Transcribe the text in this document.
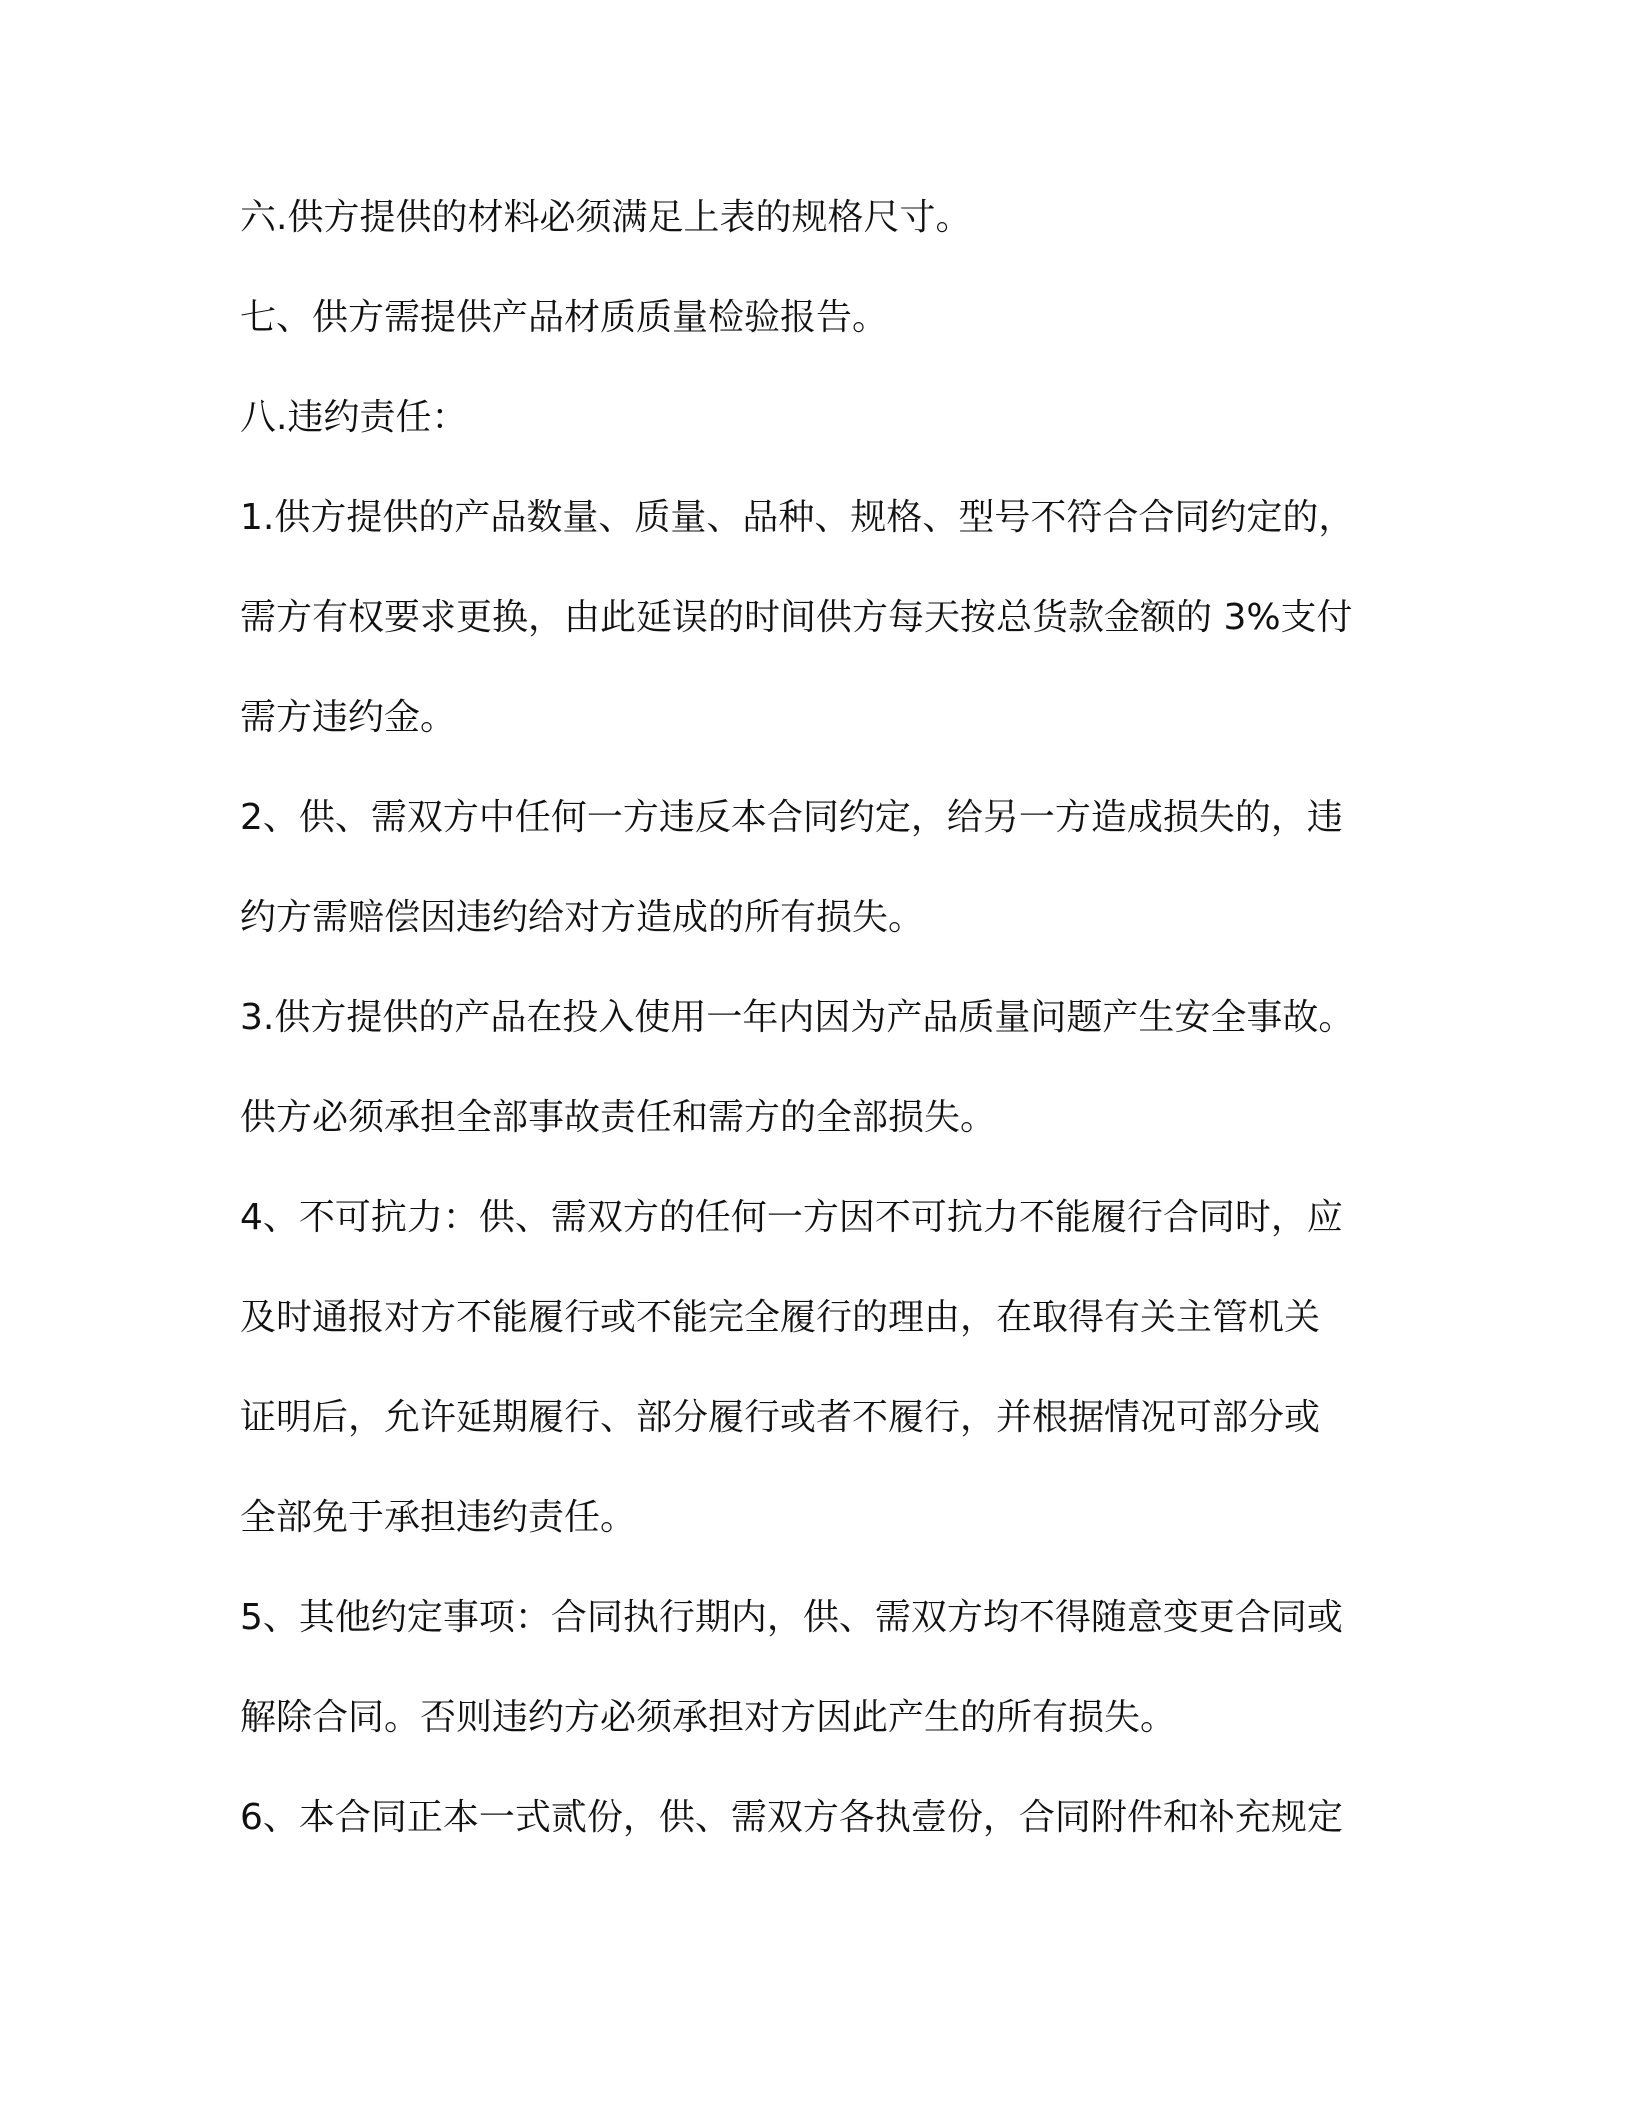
六.供方提供的材料必须满足上表的规格尺寸。

七、供方需提供产品材质质量检验报告。

八.违约责任：

1.供方提供的产品数量、质量、品种、规格、型号不符合合同约定的，

需方有权要求更换，由此延误的时间供方每天按总货款金额的 3%支付

需方违约金。

2、供、需双方中任何一方违反本合同约定，给另一方造成损失的，违

约方需赔偿因违约给对方造成的所有损失。

3.供方提供的产品在投入使用一年内因为产品质量问题产生安全事故。

供方必须承担全部事故责任和需方的全部损失。

4、不可抗力：供、需双方的任何一方因不可抗力不能履行合同时，应

及时通报对方不能履行或不能完全履行的理由，在取得有关主管机关

证明后，允许延期履行、部分履行或者不履行，并根据情况可部分或

全部免于承担违约责任。

5、其他约定事项：合同执行期内，供、需双方均不得随意变更合同或

解除合同。否则违约方必须承担对方因此产生的所有损失。

6、本合同正本一式贰份，供、需双方各执壹份，合同附件和补充规定
